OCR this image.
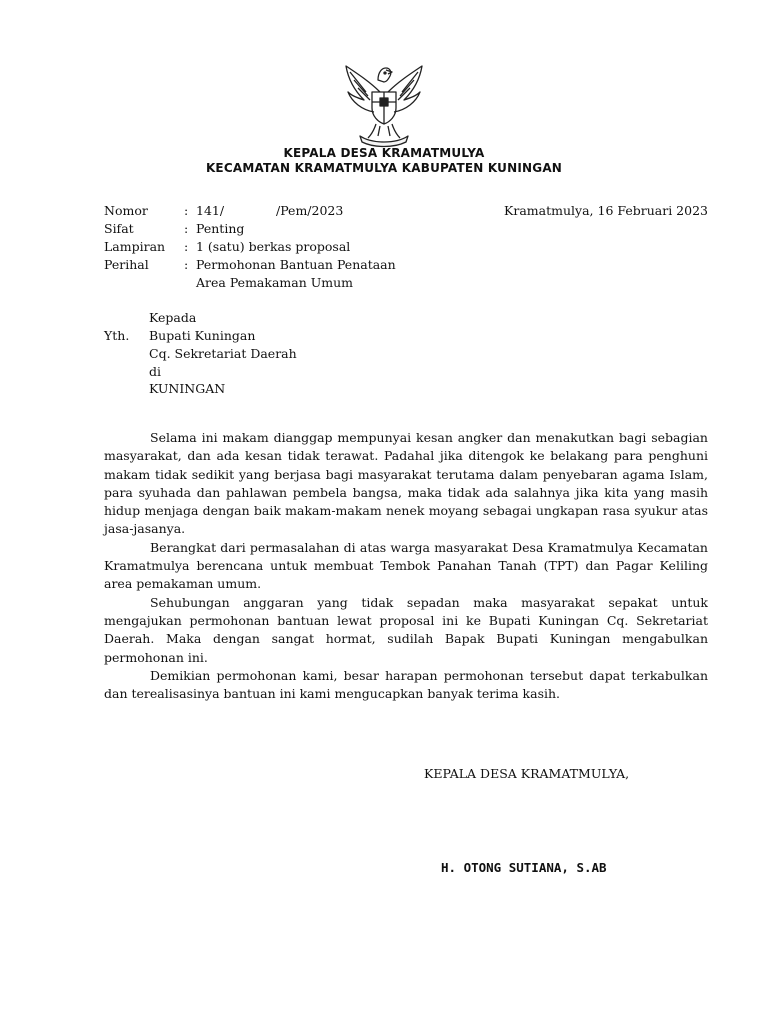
KEPALA DESA KRAMATMULYA
KECAMATAN KRAMATMULYA KABUPATEN KUNINGAN
Nomor	: 141/	/Pem/2023
Sifat	: Penting
Lampiran : 1 (satu) berkas proposal
Perihal	: Permohonan Bantuan Penataan
Area Pemakaman Umum
Kramatmulya, 16 Februari 2023
Kepada
Yth. Bupati Kuningan
Cq. Sekretariat Daerah
di
KUNINGAN

Selama ini makam dianggap mempunyai kesan angker dan menakutkan bagi sebagian masyarakat, dan ada kesan tidak terawat. Padahal jika ditengok ke belakang para penghuni makam tidak sedikit yang berjasa bagi masyarakat terutama dalam penyebaran agama Islam, para syuhada dan pahlawan pembela bangsa, maka tidak ada salahnya jika kita yang masih hidup menjaga dengan baik makam-makam nenek moyang sebagai ungkapan rasa syukur atas jasa-jasanya.

Berangkat dari permasalahan di atas warga masyarakat Desa Kramatmulya Kecamatan Kramatmulya berencana untuk membuat Tembok Panahan Tanah (TPT) dan Pagar Keliling area pemakaman umum.

Sehubungan anggaran yang tidak sepadan maka masyarakat sepakat untuk mengajukan permohonan bantuan lewat proposal ini ke Bupati Kuningan Cq. Sekretariat Daerah. Maka dengan sangat hormat, sudilah Bapak Bupati Kuningan mengabulkan permohonan ini.

Demikian permohonan kami, besar harapan permohonan tersebut dapat terkabulkan dan terealisasinya bantuan ini kami mengucapkan banyak terima kasih.

KEPALA DESA KRAMATMULYA,
H. OTONG SUTIANA, S.AB
